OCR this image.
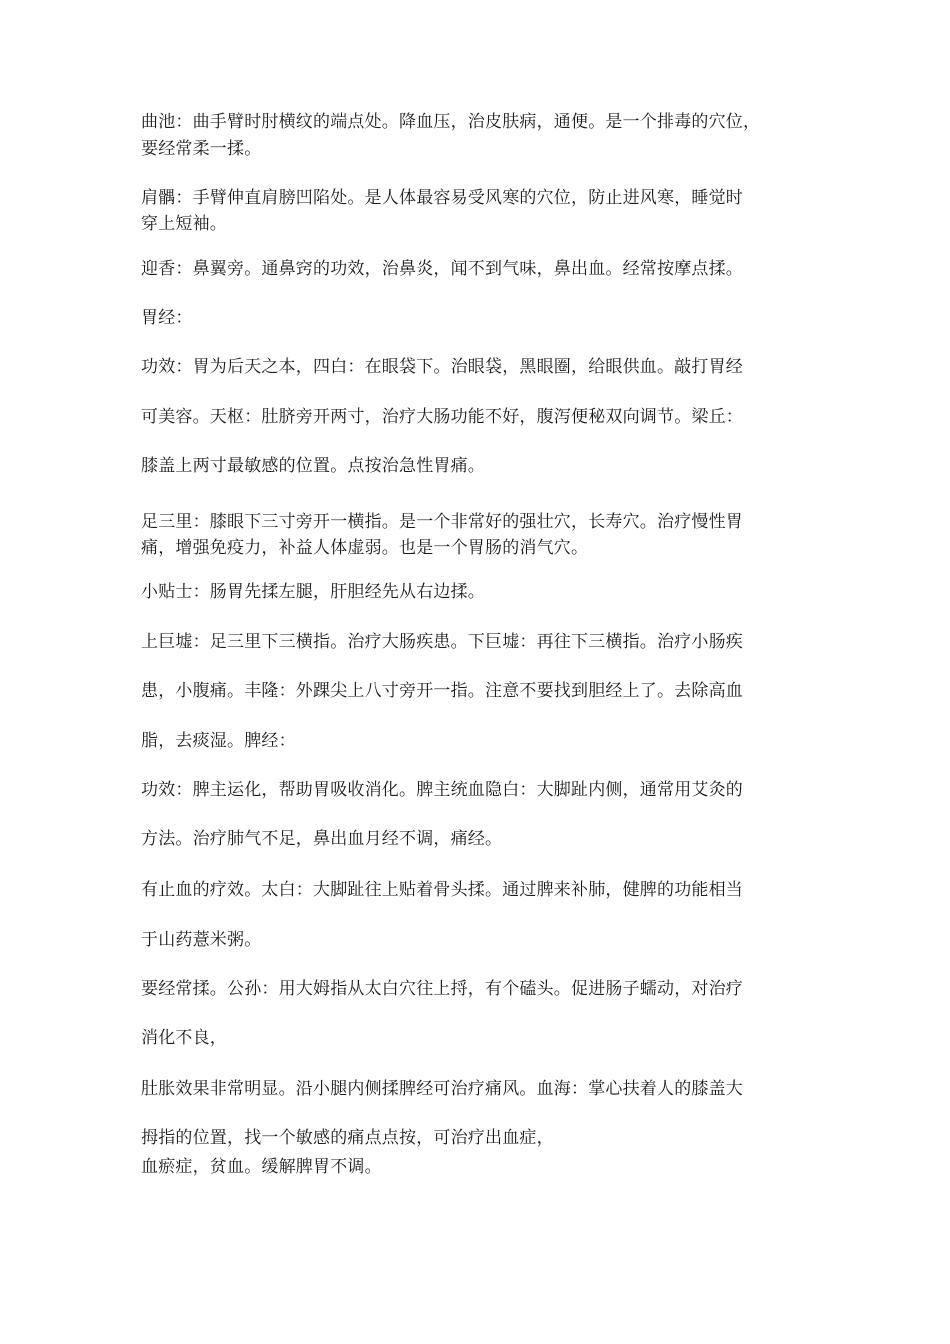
曲池：曲手臂时肘横纹的端点处。降血压，治皮肤病，通便。是一个排毒的穴位，
要经常柔一揉。
肩髃：手臂伸直肩膀凹陷处。是人体最容易受风寒的穴位，防止进风寒，睡觉时
穿上短袖。
迎香：鼻翼旁。通鼻窍的功效，治鼻炎，闻不到气味，鼻出血。经常按摩点揉。
胃经：
功效：胃为后天之本，四白：在眼袋下。治眼袋，黑眼圈，给眼供血。敲打胃经
可美容。天枢：肚脐旁开两寸，治疗大肠功能不好，腹泻便秘双向调节。梁丘：
膝盖上两寸最敏感的位置。点按治急性胃痛。
足三里：膝眼下三寸旁开一横指。是一个非常好的强壮穴，长寿穴。治疗慢性胃
痛，增强免疫力，补益人体虚弱。也是一个胃肠的消气穴。
小贴士：肠胃先揉左腿，肝胆经先从右边揉。
上巨墟：足三里下三横指。治疗大肠疾患。下巨墟：再往下三横指。治疗小肠疾
患，小腹痛。丰隆：外踝尖上八寸旁开一指。注意不要找到胆经上了。去除高血
脂，去痰湿。脾经：
功效：脾主运化，帮助胃吸收消化。脾主统血隐白：大脚趾内侧，通常用艾灸的
方法。治疗肺气不足，鼻出血月经不调，痛经。
有止血的疗效。太白：大脚趾往上贴着骨头揉。通过脾来补肺，健脾的功能相当
于山药薏米粥。
要经常揉。公孙：用大姆指从太白穴往上捋，有个磕头。促进肠子蠕动，对治疗
消化不良，
肚胀效果非常明显。沿小腿内侧揉脾经可治疗痛风。血海：掌心扶着人的膝盖大
拇指的位置，找一个敏感的痛点点按，可治疗出血症，
血瘀症，贫血。缓解脾胃不调。
